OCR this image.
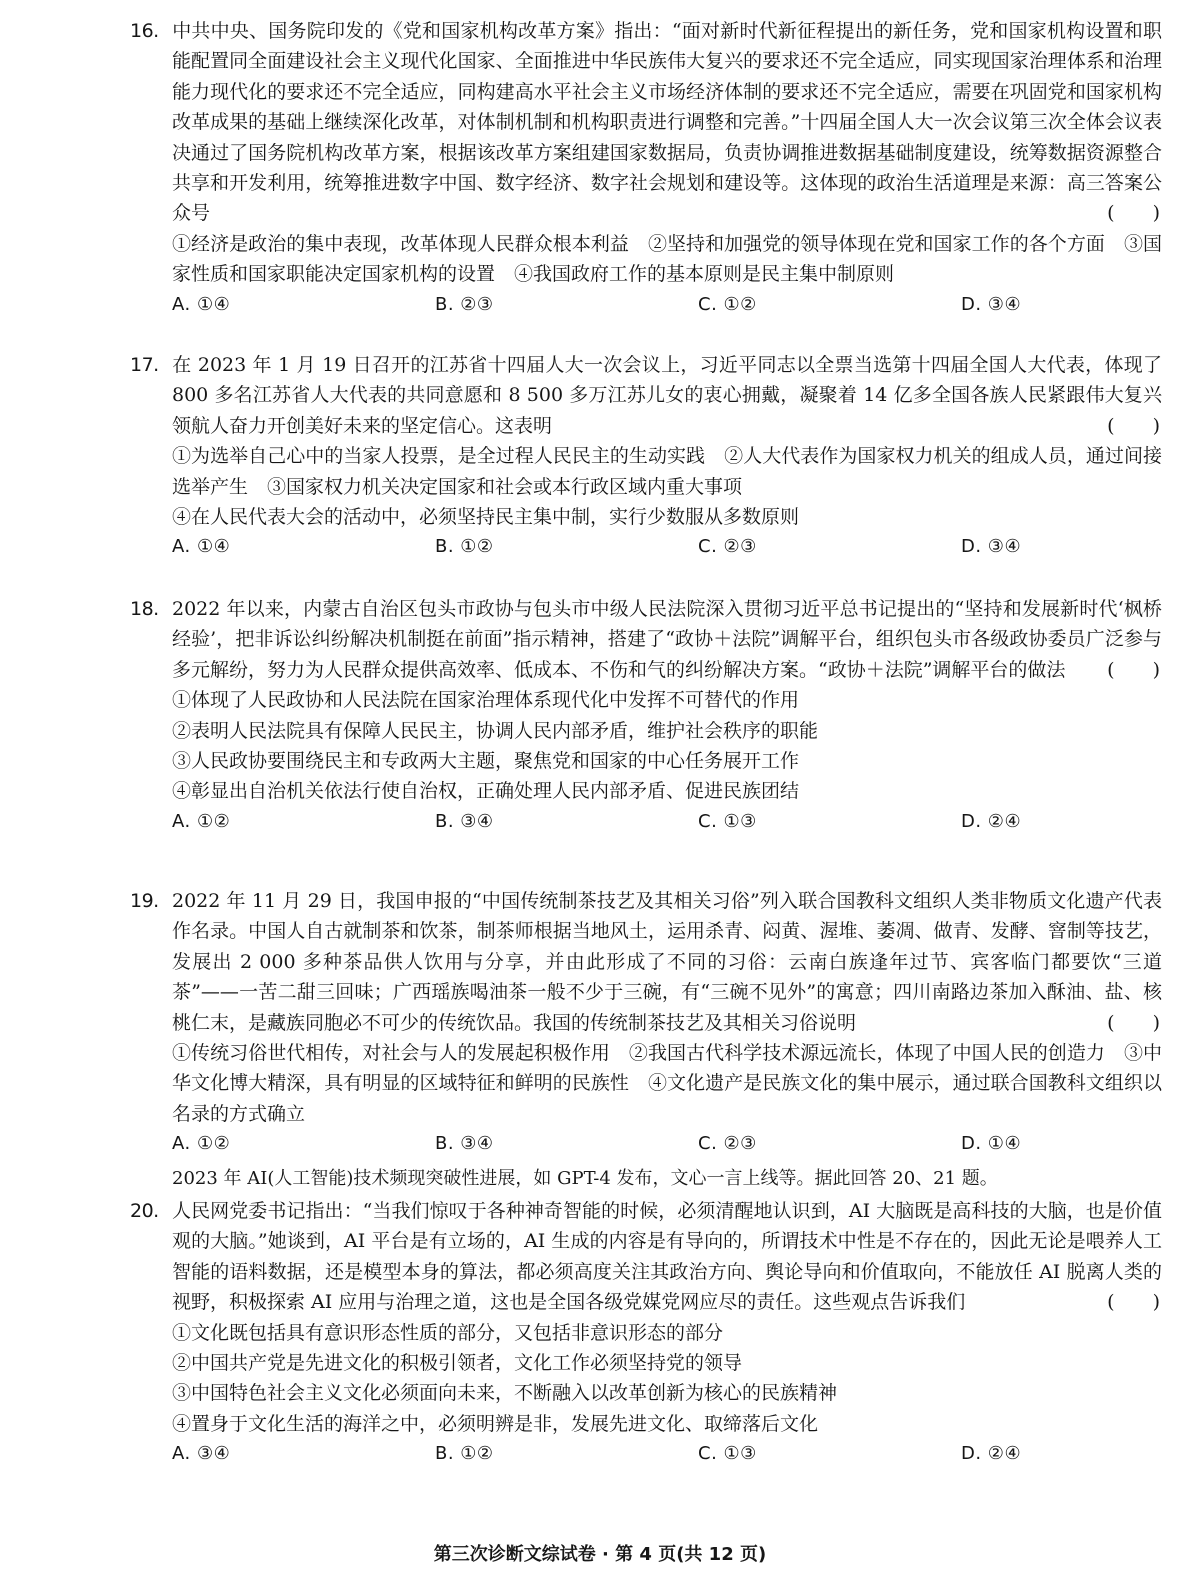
16. 中共中央、国务院印发的《党和国家机构改革方案》指出：“面对新时代新征程提出的新任务，党和国家机构设置和职能配置同全面建设社会主义现代化国家、全面推进中华民族伟大复兴的要求还不完全适应，同实现国家治理体系和治理能力现代化的要求还不完全适应，同构建高水平社会主义市场经济体制的要求还不完全适应，需要在巩固党和国家机构改革成果的基础上继续深化改革，对体制机制和机构职责进行调整和完善。”十四届全国人大一次会议第三次全体会议表决通过了国务院机构改革方案，根据该改革方案组建国家数据局，负责协调推进数据基础制度建设，统筹数据资源整合共享和开发利用，统筹推进数字中国、数字经济、数字社会规划和建设等。这体现的政治生活道理是来源：高三答案公众号	(　　)

①经济是政治的集中表现，改革体现人民群众根本利益　②坚持和加强党的领导体现在党和国家工作的各个方面　③国家性质和国家职能决定国家机构的设置　④我国政府工作的基本原则是民主集中制原则

A. ①④	B. ②③	C. ①②	D. ③④

17. 在 2023 年 1 月 19 日召开的江苏省十四届人大一次会议上，习近平同志以全票当选第十四届全国人大代表，体现了 800 多名江苏省人大代表的共同意愿和 8 500 多万江苏儿女的衷心拥戴，凝聚着 14 亿多全国各族人民紧跟伟大复兴领航人奋力开创美好未来的坚定信心。这表明	(　　)

①为选举自己心中的当家人投票，是全过程人民民主的生动实践　②人大代表作为国家权力机关的组成人员，通过间接选举产生　③国家权力机关决定国家和社会或本行政区域内重大事项

④在人民代表大会的活动中，必须坚持民主集中制，实行少数服从多数原则

A. ①④	B. ①②	C. ②③	D. ③④

18. 2022 年以来，内蒙古自治区包头市政协与包头市中级人民法院深入贯彻习近平总书记提出的“坚持和发展新时代‘枫桥经验’，把非诉讼纠纷解决机制挺在前面”指示精神，搭建了“政协＋法院”调解平台，组织包头市各级政协委员广泛参与多元解纷，努力为人民群众提供高效率、低成本、不伤和气的纠纷解决方案。“政协＋法院”调解平台的做法 (　　)

①体现了人民政协和人民法院在国家治理体系现代化中发挥不可替代的作用

②表明人民法院具有保障人民民主，协调人民内部矛盾，维护社会秩序的职能

③人民政协要围绕民主和专政两大主题，聚焦党和国家的中心任务展开工作

④彰显出自治机关依法行使自治权，正确处理人民内部矛盾、促进民族团结

A. ①②	B. ③④	C. ①③	D. ②④

19. 2022 年 11 月 29 日，我国申报的“中国传统制茶技艺及其相关习俗”列入联合国教科文组织人类非物质文化遗产代表作名录。中国人自古就制茶和饮茶，制茶师根据当地风土，运用杀青、闷黄、渥堆、萎凋、做青、发酵、窨制等技艺，发展出 2 000 多种茶品供人饮用与分享，并由此形成了不同的习俗：云南白族逢年过节、宾客临门都要饮“三道茶”——一苦二甜三回味；广西瑶族喝油茶一般不少于三碗，有“三碗不见外”的寓意；四川南路边茶加入酥油、盐、核桃仁末，是藏族同胞必不可少的传统饮品。我国的传统制茶技艺及其相关习俗说明	(　　)

①传统习俗世代相传，对社会与人的发展起积极作用　②我国古代科学技术源远流长，体现了中国人民的创造力　③中华文化博大精深，具有明显的区域特征和鲜明的民族性　④文化遗产是民族文化的集中展示，通过联合国教科文组织以名录的方式确立

A. ①②	B. ③④	C. ②③	D. ①④
2023 年 AI(人工智能)技术频现突破性进展，如 GPT-4 发布，文心一言上线等。据此回答 20、21 题。

20. 人民网党委书记指出：“当我们惊叹于各种神奇智能的时候，必须清醒地认识到，AI 大脑既是高科技的大脑，也是价值观的大脑。”她谈到，AI 平台是有立场的，AI 生成的内容是有导向的，所谓技术中性是不存在的，因此无论是喂养人工智能的语料数据，还是模型本身的算法，都必须高度关注其政治方向、舆论导向和价值取向，不能放任 AI 脱离人类的视野，积极探索 AI 应用与治理之道，这也是全国各级党媒党网应尽的责任。这些观点告诉我们	(　　)

①文化既包括具有意识形态性质的部分，又包括非意识形态的部分

②中国共产党是先进文化的积极引领者，文化工作必须坚持党的领导

③中国特色社会主义文化必须面向未来，不断融入以改革创新为核心的民族精神

④置身于文化生活的海洋之中，必须明辨是非，发展先进文化、取缔落后文化

A. ③④	B. ①②	C. ①③	D. ②④
第三次诊断文综试卷 · 第 4 页(共 12 页)
